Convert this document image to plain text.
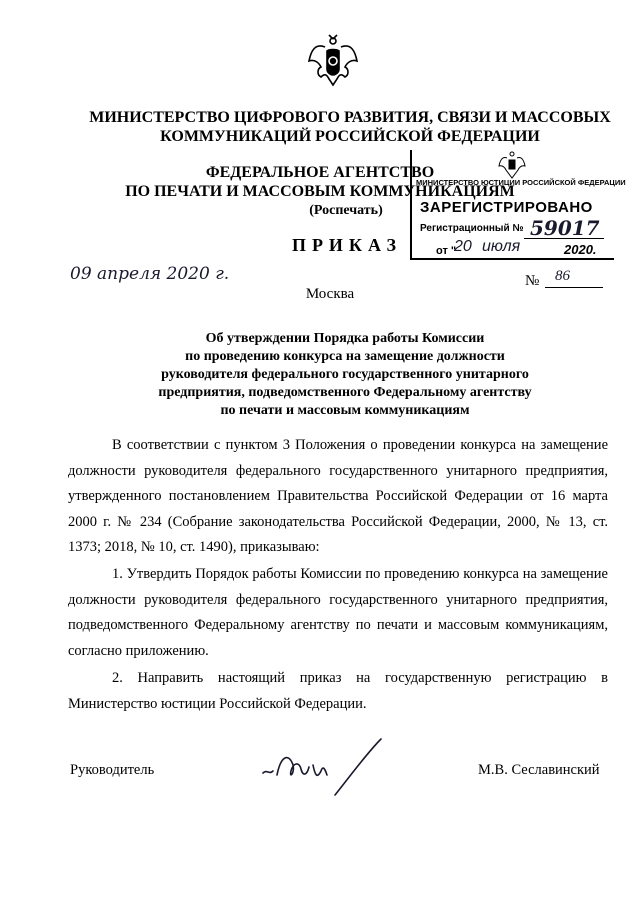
МИНИСТЕРСТВО ЦИФРОВОГО РАЗВИТИЯ, СВЯЗИ И МАССОВЫХ
КОММУНИКАЦИЙ РОССИЙСКОЙ ФЕДЕРАЦИИ
ФЕДЕРАЛЬНОЕ АГЕНТСТВО
ПО ПЕЧАТИ И МАССОВЫМ КОММУНИКАЦИЯМ
(Роспечать)
ПРИКАЗ
09 апреля 2020 г.	№ 86
Москва
МИНИСТЕРСТВО ЮСТИЦИИ РОССИЙСКОЙ ФЕДЕРАЦИИ
ЗАРЕГИСТРИРОВАНО
Регистрационный № 59017
от "
20 июля	2020.
Об утверждении Порядка работы Комиссии
по проведению конкурса на замещение должности
руководителя федерального государственного унитарного
предприятия, подведомственного Федеральному агентству
по печати и массовым коммуникациям
В соответствии с пунктом 3 Положения о проведении конкурса на замещение должности руководителя федерального государственного унитарного предприятия, утвержденного постановлением Правительства Российской Федерации от 16 марта 2000 г. № 234 (Собрание законодательства Российской Федерации, 2000, № 13, ст. 1373; 2018, № 10, ст. 1490), приказываю:
1. Утвердить Порядок работы Комиссии по проведению конкурса на замещение должности руководителя федерального государственного унитарного предприятия, подведомственного Федеральному агентству по печати и массовым коммуникациям, согласно приложению.
2. Направить настоящий приказ на государственную регистрацию в Министерство юстиции Российской Федерации.
Руководитель	М.В. Сеславинский
